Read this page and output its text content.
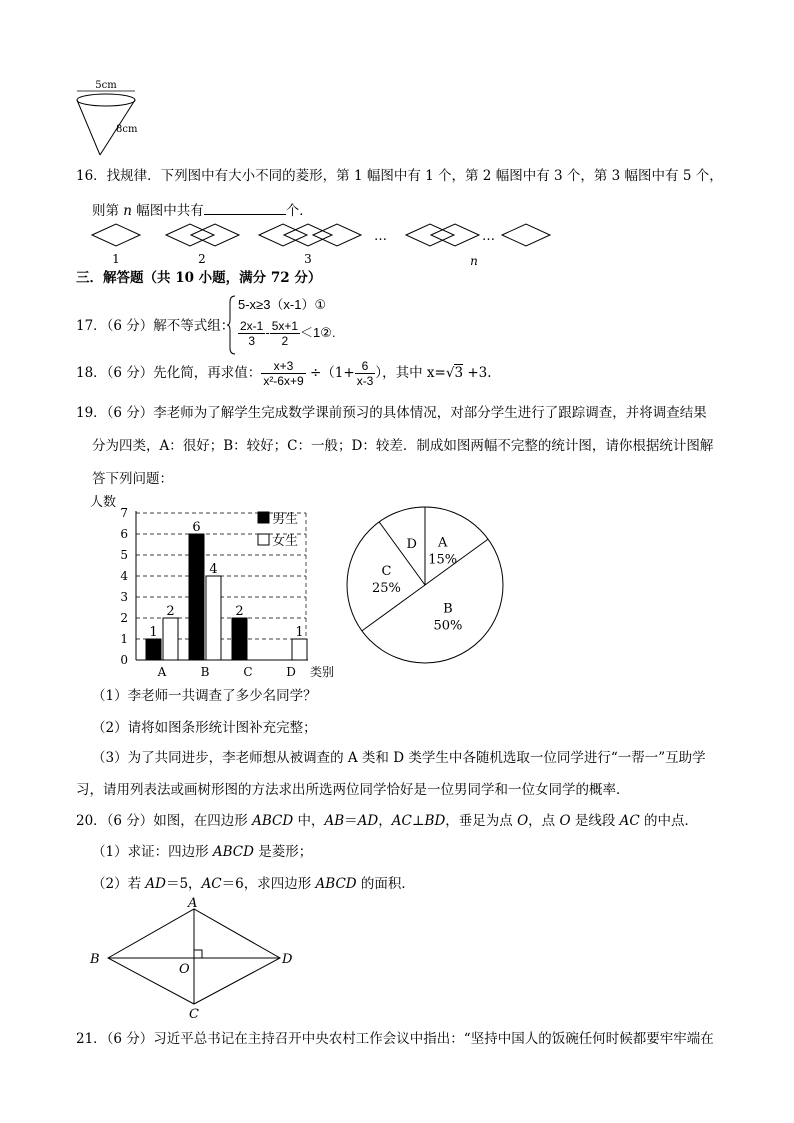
5cm
8cm
16．找规律．下列图中有大小不同的菱形，第 1 幅图中有 1 个，第 2 幅图中有 3 个，第 3 幅图中有 5 个，
则第 n 幅图中共有	个．
…	…
1	2	3	n
三．解答题（共 10 小题，满分 72 分）
17．（6 分）解不等式组：
5-x≥3（x-1）①
$\frac{2x-1}{3} - \frac{5x+1}{2}$ ＜1②.
18．（6 分）先化简，再求值： $\frac{x+3}{\text{x²-6x+9}} \div(1+ \frac{6}{x-3}$ ），其中 x=√3 +3.
19．（6 分）李老师为了解学生完成数学课前预习的具体情况，对部分学生进行了跟踪调查，并将调查结果
分为四类，A：很好；B：较好；C：一般；D：较差．制成如图两幅不完整的统计图，请你根据统计图解
答下列问题：
人数
0
1
2
3
4
5
6
7
1
2
A
6
4
B
2
C
1
D 类别
男生
女生	A
15%
B
50%
C
25%
D
（1）李老师一共调查了多少名同学？
（2）请将如图条形统计图补充完整；
（3）为了共同进步，李老师想从被调查的 A 类和 D 类学生中各随机选取一位同学进行“一帮一”互助学
习，请用列表法或画树形图的方法求出所选两位同学恰好是一位男同学和一位女同学的概率．
20．（6 分）如图，在四边形 ABCD 中，AB＝AD，AC⊥BD，垂足为点 O，点 O 是线段 AC 的中点．
（1）求证：四边形 ABCD 是菱形；
（2）若 AD＝5，AC＝6，求四边形 ABCD 的面积．
A
B	D
O
C
21．（6 分）习近平总书记在主持召开中央农村工作会议中指出：“坚持中国人的饭碗任何时候都要牢牢端在
